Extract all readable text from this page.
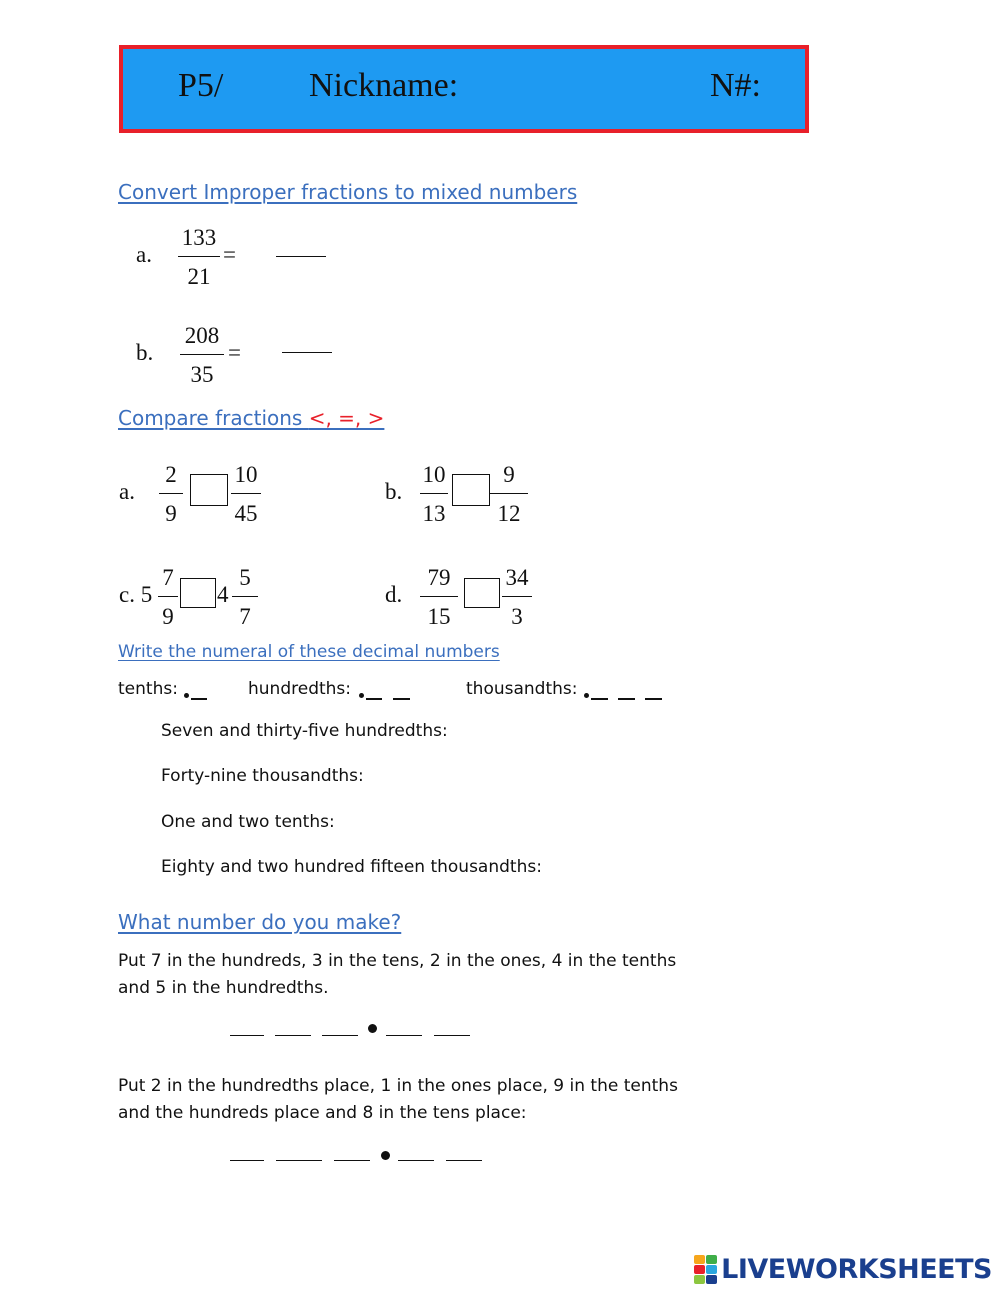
P5/	Nickname:	N#:
Convert Improper fractions to mixed numbers
a.
133
21
=
b.
208
35
=
Compare fractions <, =, >
a.
2
9
10
45
b.
10
13
9
12
c. 5
7
9
4
5
7
d.
79
15
34
3
Write the numeral of these decimal numbers
tenths:	hundredths:	thousandths:
Seven and thirty-five hundredths:
Forty-nine thousandths:
One and two tenths:
Eighty and two hundred fifteen thousandths:
What number do you make?
Put 7 in the hundreds, 3 in the tens, 2 in the ones, 4 in the tenths
and 5 in the hundredths.
Put 2 in the hundredths place, 1 in the ones place, 9 in the tenths
and the hundreds place and 8 in the tens place:
LIVEWORKSHEETS
